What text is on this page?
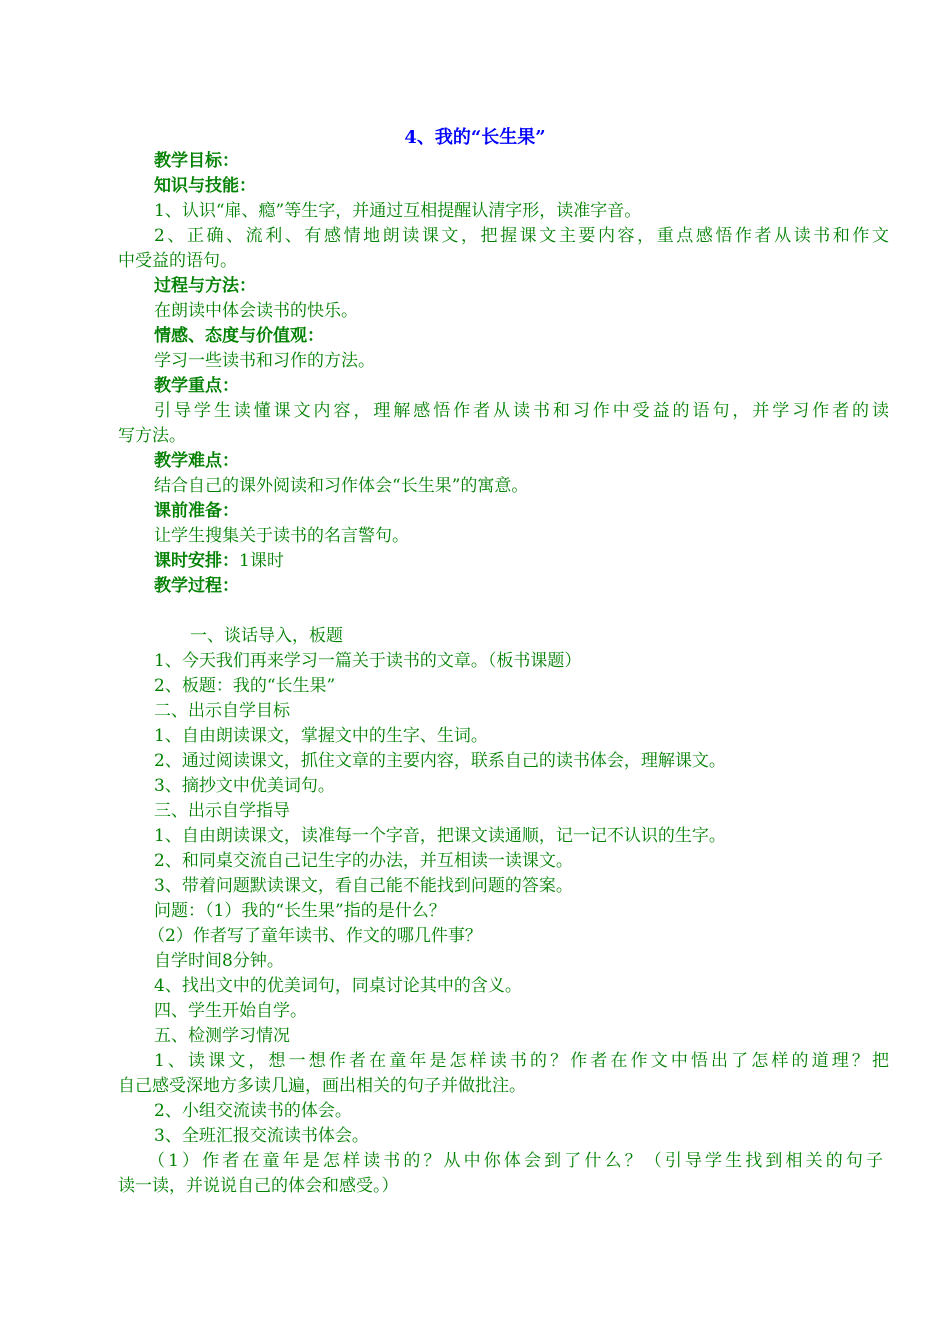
4、我的“长生果”
教学目标：
知识与技能：
1、认识“扉、瘾”等生字，并通过互相提醒认清字形，读准字音。
2、正确、流利、有感情地朗读课文，把握课文主要内容，重点感悟作者从读书和作文
中受益的语句。
过程与方法：
在朗读中体会读书的快乐。
情感、态度与价值观：
学习一些读书和习作的方法。
教学重点：
引导学生读懂课文内容，理解感悟作者从读书和习作中受益的语句，并学习作者的读
写方法。
教学难点：
结合自己的课外阅读和习作体会“长生果”的寓意。
课前准备：
让学生搜集关于读书的名言警句。
课时安排：1课时
教学过程：
一、谈话导入，板题
1、今天我们再来学习一篇关于读书的文章。（板书课题）
2、板题：我的“长生果”
二、出示自学目标
1、自由朗读课文，掌握文中的生字、生词。
2、通过阅读课文，抓住文章的主要内容，联系自己的读书体会，理解课文。
3、摘抄文中优美词句。
三、出示自学指导
1、自由朗读课文，读准每一个字音，把课文读通顺，记一记不认识的生字。
2、和同桌交流自己记生字的办法，并互相读一读课文。
3、带着问题默读课文，看自己能不能找到问题的答案。
问题：（1）我的“长生果”指的是什么？
（2）作者写了童年读书、作文的哪几件事？
自学时间8分钟。
4、找出文中的优美词句，同桌讨论其中的含义。
四、学生开始自学。
五、检测学习情况
1、读课文，想一想作者在童年是怎样读书的？作者在作文中悟出了怎样的道理？把
自己感受深地方多读几遍，画出相关的句子并做批注。
2、小组交流读书的体会。
3、全班汇报交流读书体会。
（1）作者在童年是怎样读书的？从中你体会到了什么？（引导学生找到相关的句子
读一读，并说说自己的体会和感受。）
